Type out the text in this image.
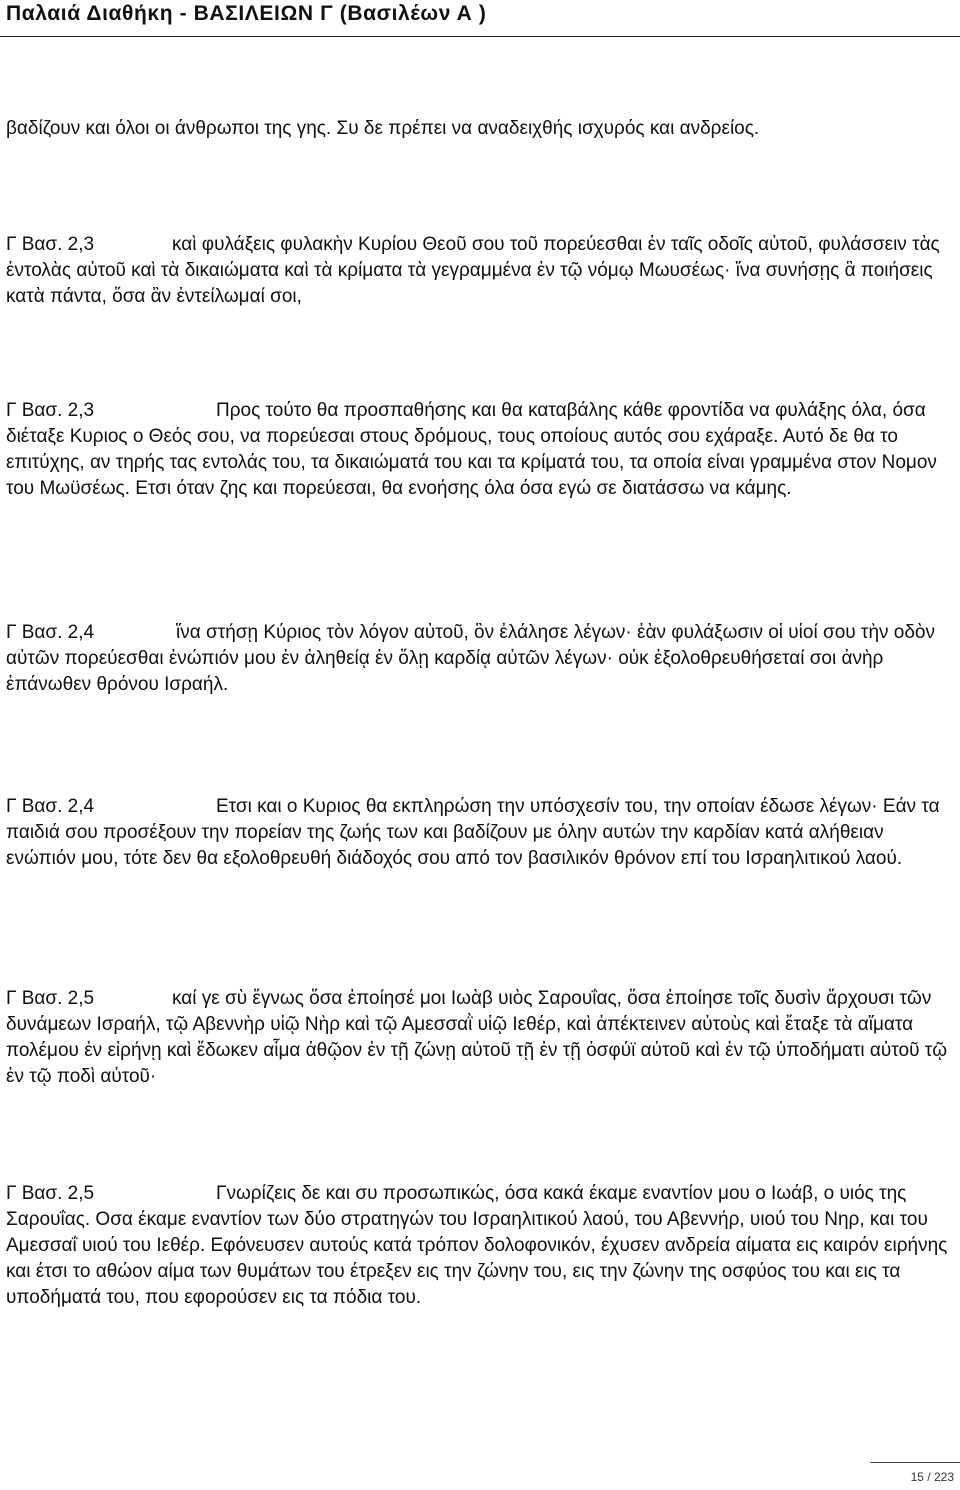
Παλαιά Διαθήκη - ΒΑΣΙΛΕΙΩΝ Γ (Βασιλέων Α )

βαδίζουν και όλοι οι άνθρωποι της γης. Συ δε πρέπει να αναδειχθής ισχυρός και ανδρείος.

Γ Βασ. 2,3	καὶ φυλάξεις φυλακὴν Κυρίου Θεοῦ σου τοῦ πορεύεσθαι ἐν ταῖς οδοῖς αὐτοῦ, φυλάσσειν τὰς ἐντολὰς αὐτοῦ καὶ τὰ δικαιώματα καὶ τὰ κρίματα τὰ γεγραμμένα ἐν τῷ νόμῳ Μωυσέως· ἵνα συνήσῃς ἃ ποιήσεις κατὰ πάντα, ὅσα ἂν ἐντείλωμαί σοι,

Γ Βασ. 2,3	Προς τούτο θα προσπαθήσης και θα καταβάλης κάθε φροντίδα να φυλάξης όλα, όσα διέταξε Κυριος ο Θεός σου, να πορεύεσαι στους δρόμους, τους οποίους αυτός σου εχάραξε. Αυτό δε θα το επιτύχης, αν τηρής τας εντολάς του, τα δικαιώματά του και τα κρίματά του, τα οποία είναι γραμμένα στον Νομον του Μωϋσέως. Ετσι όταν ζης και πορεύεσαι, θα ενοήσης όλα όσα εγώ σε διατάσσω να κάμης.

Γ Βασ. 2,4	ἵνα στήσῃ Κύριος τὸν λόγον αὐτοῦ, ὃν ἐλάλησε λέγων· ἐὰν φυλάξωσιν οἱ υἱοί σου τὴν οδὸν αὐτῶν πορεύεσθαι ἐνώπιόν μου ἐν ἀληθείᾳ ἐν ὅλῃ καρδίᾳ αὐτῶν λέγων· οὐκ ἐξολοθρευθήσεταί σοι ἀνὴρ ἐπάνωθεν θρόνου Ισραήλ.

Γ Βασ. 2,4	Ετσι και ο Κυριος θα εκπληρώση την υπόσχεσίν του, την οποίαν έδωσε λέγων· Εάν τα παιδιά σου προσέξουν την πορείαν της ζωής των και βαδίζουν με όλην αυτών την καρδίαν κατά αλήθειαν ενώπιόν μου, τότε δεν θα εξολοθρευθή διάδοχός σου από τον βασιλικόν θρόνον επί του Ισραηλιτικού λαού.

Γ Βασ. 2,5	καί γε σὺ ἔγνως ὅσα ἐποίησέ μοι Ιωὰβ υιὸς Σαρουΐας, ὅσα ἐποίησε τοῖς δυσὶν ἄρχουσι τῶν δυνάμεων Ισραήλ, τῷ Αβεννὴρ υἱῷ Νὴρ καὶ τῷ Αμεσσαῒ υἱῷ Ιεθέρ, καὶ ἀπέκτεινεν αὐτοὺς καὶ ἔταξε τὰ αἵματα πολέμου ἐν εἰρήνῃ καὶ ἔδωκεν αἷμα ἀθῷον ἐν τῇ ζώνῃ αὐτοῦ τῇ ἐν τῇ ὀσφύϊ αὐτοῦ καὶ ἐν τῷ ὑποδήματι αὐτοῦ τῷ ἐν τῷ ποδὶ αὐτοῦ·

Γ Βασ. 2,5	Γνωρίζεις δε και συ προσωπικώς, όσα κακά έκαμε εναντίον μου ο Ιωάβ, ο υιός της Σαρουΐας. Οσα έκαμε εναντίον των δύο στρατηγών του Ισραηλιτικού λαού, του Αβεννήρ, υιού του Νηρ, και του Αμεσσαΐ υιού του Ιεθέρ. Εφόνευσεν αυτούς κατά τρόπον δολοφονικόν, έχυσεν ανδρεία αίματα εις καιρόν ειρήνης και έτσι το αθώον αίμα των θυμάτων του έτρεξεν εις την ζώνην του, εις την ζώνην της οσφύος του και εις τα υποδήματά του, που εφορούσεν εις τα πόδια του.

15 / 223
